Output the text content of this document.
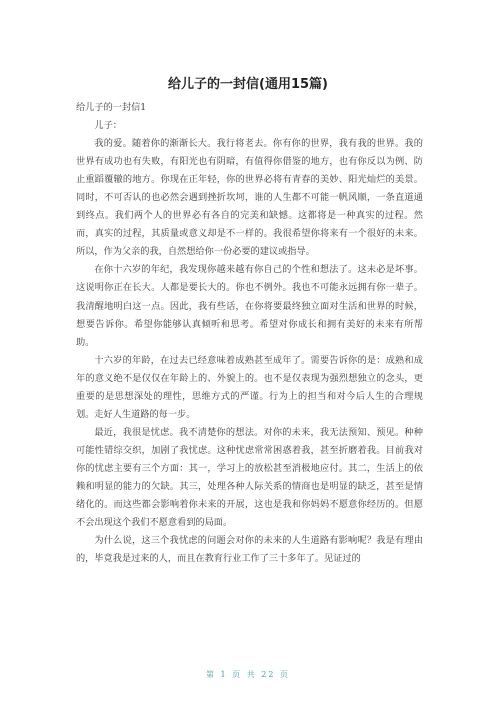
给儿子的一封信(通用15篇)

给儿子的一封信1

儿子：

我的爱。随着你的渐渐长大。我行将老去。你有你的世界，我有我的世界。我的世界有成功也有失败，有阳光也有阴暗，有值得你借鉴的地方，也有你反以为例、防止重蹈覆辙的地方。你现在正年轻，你的世界必将有青春的美妙、阳光灿烂的美景。同时，不可否认的也必然会遇到挫折坎坷，谁的人生都不可能一帆风顺，一条直道通到终点。我们两个人的世界必有各自的完美和缺憾。这都将是一种真实的过程。然而，真实的过程，其质量或意义却是不一样的。我很希望你将来有一个很好的未来。所以，作为父亲的我，自然想给你一份必要的建议或指导。

在你十六岁的年纪，我发现你越来越有你自己的个性和想法了。这未必是坏事。这说明你正在长大。人都是要长大的。你也不例外。我也不可能永远拥有你一辈子。我清醒地明白这一点。因此，我有些话，在你将要最终独立面对生活和世界的时候，想要告诉你。希望你能够认真倾听和思考。希望对你成长和拥有美好的未来有所帮助。

十六岁的年龄，在过去已经意味着成熟甚至成年了。需要告诉你的是：成熟和成年的意义绝不是仅仅在年龄上的、外貌上的。也不是仅表现为强烈想独立的念头，更重要的是思想深处的理性，思维方式的严谨。行为上的担当和对今后人生的合理规划。走好人生道路的每一步。

最近，我很是忧虑。我不清楚你的想法。对你的未来，我无法预知、预见。种种可能性错综交织，加剧了我忧虑。这种忧虑常常困惑着我，甚至折磨着我。目前我对你的忧虑主要有三个方面：其一，学习上的放松甚至消极地应付。其二，生活上的依赖和明显的能力的欠缺。其三，处理各种人际关系的情商也是明显的缺乏，甚至是情绪化的。而这些都会影响着你未来的开展，这也是我和你妈妈不愿意你经历的。但愿不会出现这个我们不愿意看到的局面。

为什么说，这三个我忧虑的问题会对你的未来的人生道路有影响呢？我是有理由的，毕竟我是过来的人，而且在教育行业工作了三十多年了。见证过的

第 1 页 共 22 页
